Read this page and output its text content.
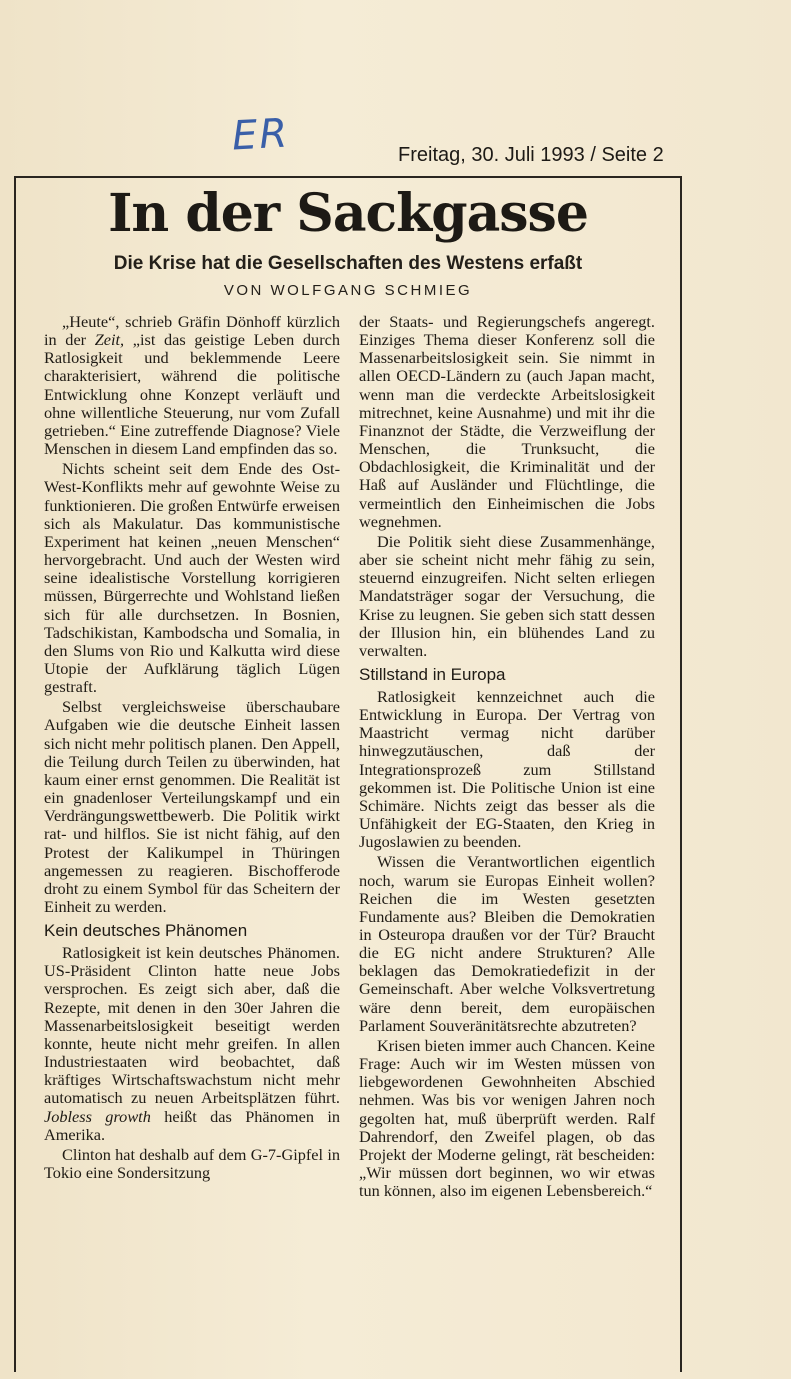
ER	Freitag, 30. Juli 1993 / Seite 2
In der Sackgasse
Die Krise hat die Gesellschaften des Westens erfaßt
VON WOLFGANG SCHMIEG

„Heute“, schrieb Gräfin Dönhoff kürzlich in der Zeit, „ist das geistige Leben durch Ratlosigkeit und beklemmende Leere charakterisiert, während die politische Entwicklung ohne Konzept verläuft und ohne willentliche Steuerung, nur vom Zufall getrieben.“ Eine zutreffende Diagnose? Viele Menschen in diesem Land empfinden das so.

Nichts scheint seit dem Ende des Ost-West-Konflikts mehr auf gewohnte Weise zu funktionieren. Die großen Entwürfe erweisen sich als Makulatur. Das kommunistische Experiment hat keinen „neuen Menschen“ hervorgebracht. Und auch der Westen wird seine idealistische Vorstellung korrigieren müssen, Bürgerrechte und Wohlstand ließen sich für alle durchsetzen. In Bosnien, Tadschikistan, Kambodscha und Somalia, in den Slums von Rio und Kalkutta wird diese Utopie der Aufklärung täglich Lügen gestraft.

Selbst vergleichsweise überschaubare Aufgaben wie die deutsche Einheit lassen sich nicht mehr politisch planen. Den Appell, die Teilung durch Teilen zu überwinden, hat kaum einer ernst genommen. Die Realität ist ein gnadenloser Verteilungskampf und ein Verdrängungswettbewerb. Die Politik wirkt rat- und hilflos. Sie ist nicht fähig, auf den Protest der Kalikumpel in Thüringen angemessen zu reagieren. Bischofferode droht zu einem Symbol für das Scheitern der Einheit zu werden.

Kein deutsches Phänomen

Ratlosigkeit ist kein deutsches Phänomen. US-Präsident Clinton hatte neue Jobs versprochen. Es zeigt sich aber, daß die Rezepte, mit denen in den 30er Jahren die Massenarbeitslosigkeit beseitigt werden konnte, heute nicht mehr greifen. In allen Industriestaaten wird beobachtet, daß kräftiges Wirtschaftswachstum nicht mehr automatisch zu neuen Arbeitsplätzen führt. Jobless growth heißt das Phänomen in Amerika.

Clinton hat deshalb auf dem G-7-Gipfel in Tokio eine Sondersitzung

der Staats- und Regierungschefs angeregt. Einziges Thema dieser Konferenz soll die Massenarbeitslosigkeit sein. Sie nimmt in allen OECD-Ländern zu (auch Japan macht, wenn man die verdeckte Arbeitslosigkeit mitrechnet, keine Ausnahme) und mit ihr die Finanznot der Städte, die Verzweiflung der Menschen, die Trunksucht, die Obdachlosigkeit, die Kriminalität und der Haß auf Ausländer und Flüchtlinge, die vermeintlich den Einheimischen die Jobs wegnehmen.

Die Politik sieht diese Zusammenhänge, aber sie scheint nicht mehr fähig zu sein, steuernd einzugreifen. Nicht selten erliegen Mandatsträger sogar der Versuchung, die Krise zu leugnen. Sie geben sich statt dessen der Illusion hin, ein blühendes Land zu verwalten.

Stillstand in Europa

Ratlosigkeit kennzeichnet auch die Entwicklung in Europa. Der Vertrag von Maastricht vermag nicht darüber hinwegzutäuschen, daß der Integrationsprozeß zum Stillstand gekommen ist. Die Politische Union ist eine Schimäre. Nichts zeigt das besser als die Unfähigkeit der EG-Staaten, den Krieg in Jugoslawien zu beenden.

Wissen die Verantwortlichen eigentlich noch, warum sie Europas Einheit wollen? Reichen die im Westen gesetzten Fundamente aus? Bleiben die Demokratien in Osteuropa draußen vor der Tür? Braucht die EG nicht andere Strukturen? Alle beklagen das Demokratiedefizit in der Gemeinschaft. Aber welche Volksvertretung wäre denn bereit, dem europäischen Parlament Souveränitätsrechte abzutreten?

Krisen bieten immer auch Chancen. Keine Frage: Auch wir im Westen müssen von liebgewordenen Gewohnheiten Abschied nehmen. Was bis vor wenigen Jahren noch gegolten hat, muß überprüft werden. Ralf Dahrendorf, den Zweifel plagen, ob das Projekt der Moderne gelingt, rät bescheiden: „Wir müssen dort beginnen, wo wir etwas tun können, also im eigenen Lebensbereich.“
